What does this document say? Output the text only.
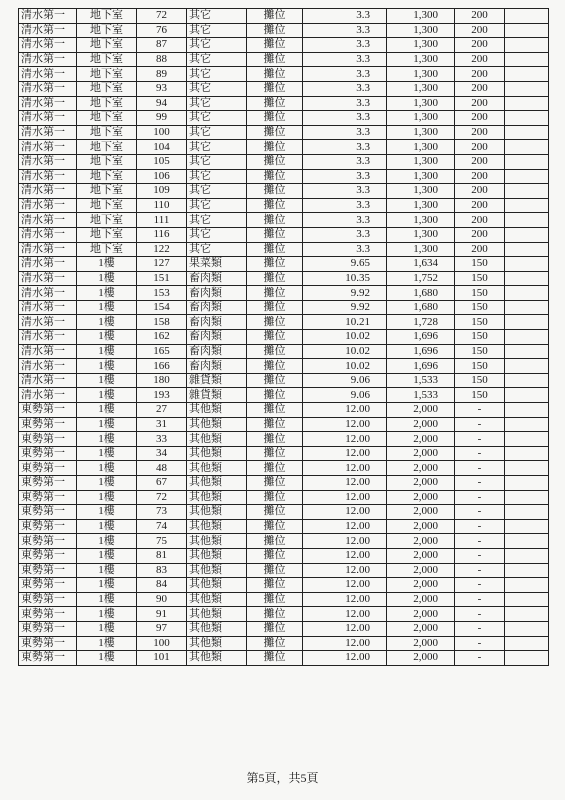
清水第一	地下室	72	其它	攤位	3.3	1,300	200	
清水第一	地下室	76	其它	攤位	3.3	1,300	200	
清水第一	地下室	87	其它	攤位	3.3	1,300	200	
清水第一	地下室	88	其它	攤位	3.3	1,300	200	
清水第一	地下室	89	其它	攤位	3.3	1,300	200	
清水第一	地下室	93	其它	攤位	3.3	1,300	200	
清水第一	地下室	94	其它	攤位	3.3	1,300	200	
清水第一	地下室	99	其它	攤位	3.3	1,300	200	
清水第一	地下室	100	其它	攤位	3.3	1,300	200	
清水第一	地下室	104	其它	攤位	3.3	1,300	200	
清水第一	地下室	105	其它	攤位	3.3	1,300	200	
清水第一	地下室	106	其它	攤位	3.3	1,300	200	
清水第一	地下室	109	其它	攤位	3.3	1,300	200	
清水第一	地下室	110	其它	攤位	3.3	1,300	200	
清水第一	地下室	111	其它	攤位	3.3	1,300	200	
清水第一	地下室	116	其它	攤位	3.3	1,300	200	
清水第一	地下室	122	其它	攤位	3.3	1,300	200	
清水第一	1樓	127	果菜類	攤位	9.65	1,634	150	
清水第一	1樓	151	畜肉類	攤位	10.35	1,752	150	
清水第一	1樓	153	畜肉類	攤位	9.92	1,680	150	
清水第一	1樓	154	畜肉類	攤位	9.92	1,680	150	
清水第一	1樓	158	畜肉類	攤位	10.21	1,728	150	
清水第一	1樓	162	畜肉類	攤位	10.02	1,696	150	
清水第一	1樓	165	畜肉類	攤位	10.02	1,696	150	
清水第一	1樓	166	畜肉類	攤位	10.02	1,696	150	
清水第一	1樓	180	雜貨類	攤位	9.06	1,533	150	
清水第一	1樓	193	雜貨類	攤位	9.06	1,533	150	
東勢第一	1樓	27	其他類	攤位	12.00	2,000	-	
東勢第一	1樓	31	其他類	攤位	12.00	2,000	-	
東勢第一	1樓	33	其他類	攤位	12.00	2,000	-	
東勢第一	1樓	34	其他類	攤位	12.00	2,000	-	
東勢第一	1樓	48	其他類	攤位	12.00	2,000	-	
東勢第一	1樓	67	其他類	攤位	12.00	2,000	-	
東勢第一	1樓	72	其他類	攤位	12.00	2,000	-	
東勢第一	1樓	73	其他類	攤位	12.00	2,000	-	
東勢第一	1樓	74	其他類	攤位	12.00	2,000	-	
東勢第一	1樓	75	其他類	攤位	12.00	2,000	-	
東勢第一	1樓	81	其他類	攤位	12.00	2,000	-	
東勢第一	1樓	83	其他類	攤位	12.00	2,000	-	
東勢第一	1樓	84	其他類	攤位	12.00	2,000	-	
東勢第一	1樓	90	其他類	攤位	12.00	2,000	-	
東勢第一	1樓	91	其他類	攤位	12.00	2,000	-	
東勢第一	1樓	97	其他類	攤位	12.00	2,000	-	
東勢第一	1樓	100	其他類	攤位	12.00	2,000	-	
東勢第一	1樓	101	其他類	攤位	12.00	2,000	-	
第5頁，共5頁
